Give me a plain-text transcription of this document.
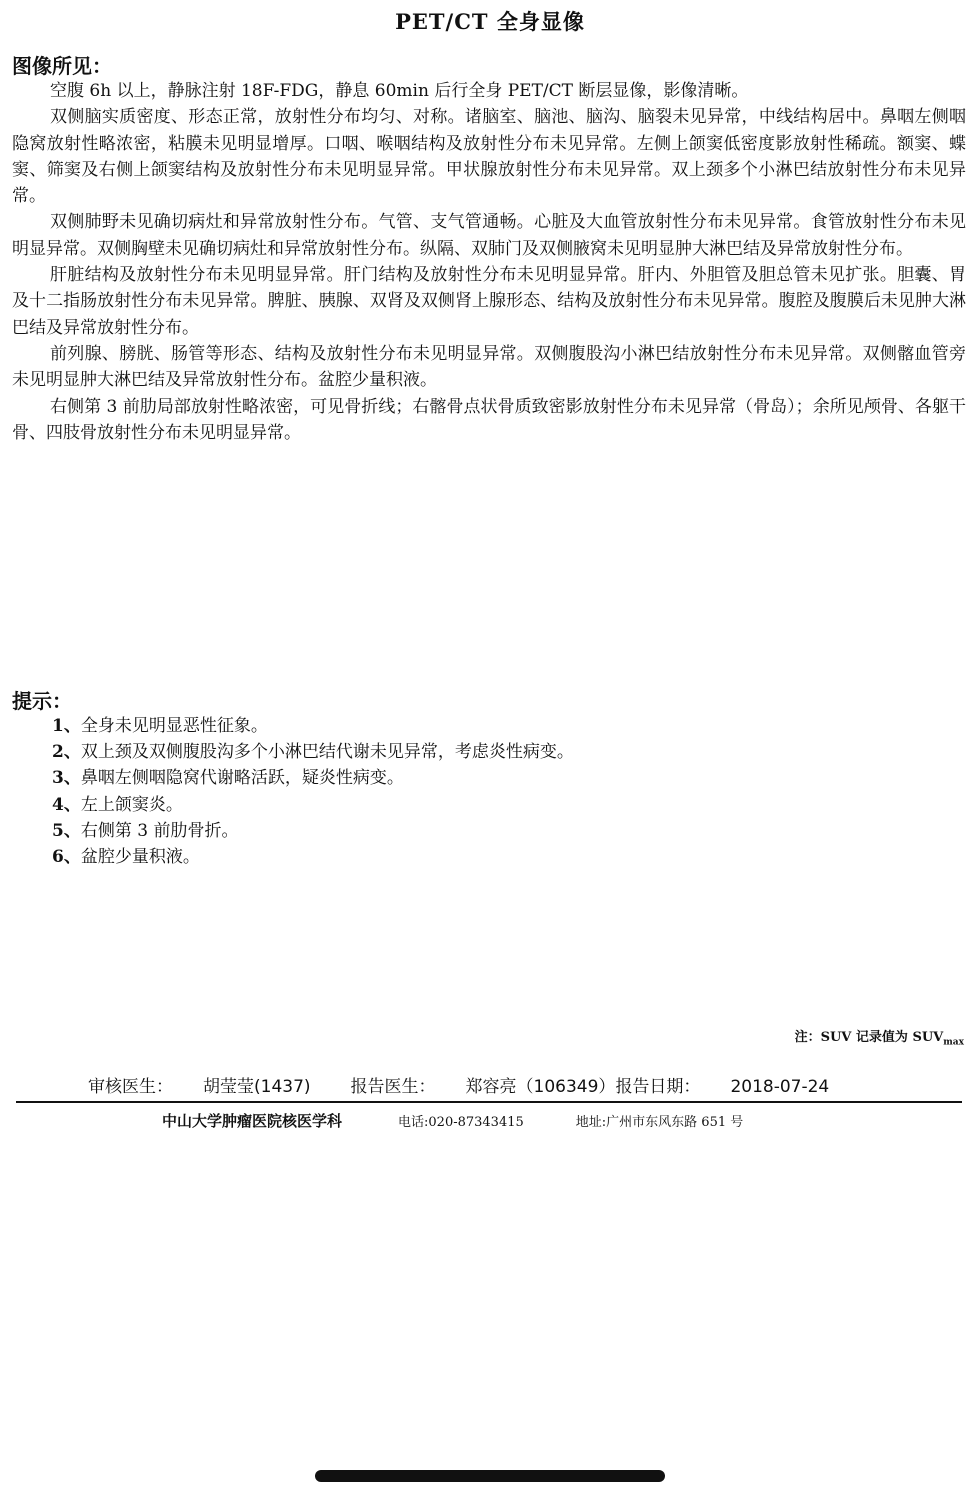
PET/CT 全身显像
图像所见：

空腹 6h 以上，静脉注射 18F-FDG，静息 60min 后行全身 PET/CT 断层显像，影像清晰。

双侧脑实质密度、形态正常，放射性分布均匀、对称。诸脑室、脑池、脑沟、脑裂未见异常，中线结构居中。鼻咽左侧咽隐窝放射性略浓密，粘膜未见明显增厚。口咽、喉咽结构及放射性分布未见异常。左侧上颌窦低密度影放射性稀疏。额窦、蝶窦、筛窦及右侧上颌窦结构及放射性分布未见明显异常。甲状腺放射性分布未见异常。双上颈多个小淋巴结放射性分布未见异常。

双侧肺野未见确切病灶和异常放射性分布。气管、支气管通畅。心脏及大血管放射性分布未见异常。食管放射性分布未见明显异常。双侧胸壁未见确切病灶和异常放射性分布。纵隔、双肺门及双侧腋窝未见明显肿大淋巴结及异常放射性分布。

肝脏结构及放射性分布未见明显异常。肝门结构及放射性分布未见明显异常。肝内、外胆管及胆总管未见扩张。胆囊、胃及十二指肠放射性分布未见异常。脾脏、胰腺、双肾及双侧肾上腺形态、结构及放射性分布未见异常。腹腔及腹膜后未见肿大淋巴结及异常放射性分布。

前列腺、膀胱、肠管等形态、结构及放射性分布未见明显异常。双侧腹股沟小淋巴结放射性分布未见异常。双侧髂血管旁未见明显肿大淋巴结及异常放射性分布。盆腔少量积液。

右侧第 3 前肋局部放射性略浓密，可见骨折线；右髂骨点状骨质致密影放射性分布未见异常（骨岛）；余所见颅骨、各躯干骨、四肢骨放射性分布未见明显异常。

提示：
1、全身未见明显恶性征象。
2、双上颈及双侧腹股沟多个小淋巴结代谢未见异常，考虑炎性病变。
3、鼻咽左侧咽隐窝代谢略活跃，疑炎性病变。
4、左上颌窦炎。
5、右侧第 3 前肋骨折。
6、盆腔少量积液。
注：SUV 记录值为 $SUV_{max}$
审核医生： 胡莹莹(1437) 报告医生： 郑容亮（106349）报告日期： 2018-07-24
中山大学肿瘤医院核医学科	电话:020-87343415	地址:广州市东风东路 651 号
